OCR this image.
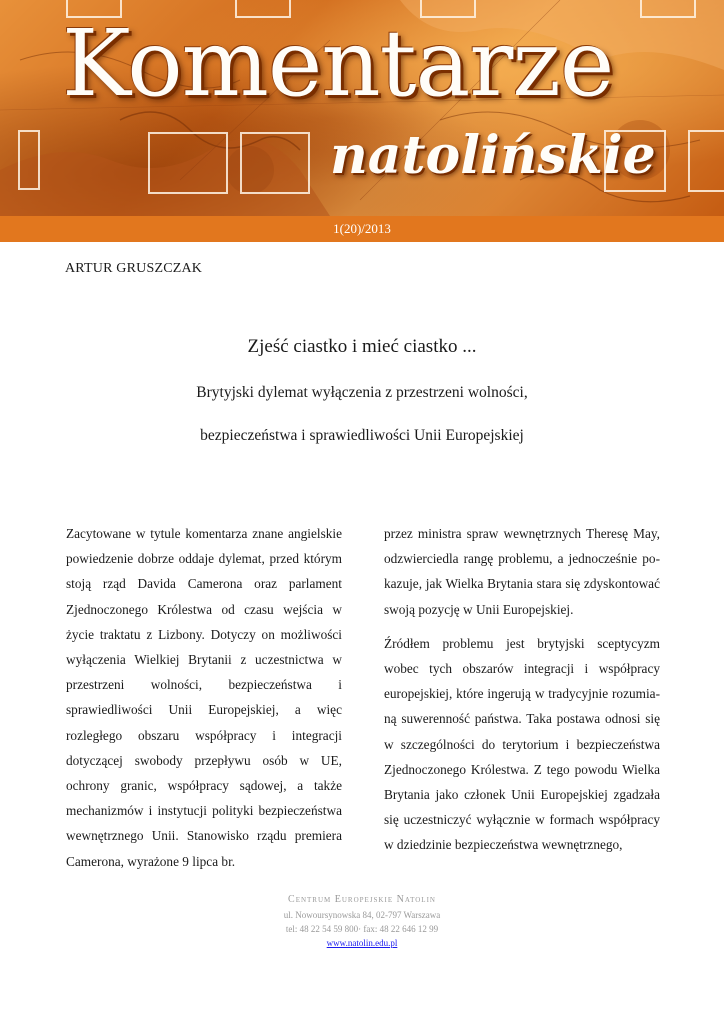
Komentarze
natolińskie
1(20)/2013
ARTUR GRUSZCZAK
Zjeść ciastko i mieć ciastko ...
Brytyjski dylemat wyłączenia z przestrzeni wolności,
bezpieczeństwa i sprawiedliwości Unii Europejskiej

Zacytowane w tytule komentarza znane angielskie powiedzenie dobrze oddaje dylemat, przed którym stoją rząd Davida Camerona oraz parlament Zjednoczonego Królestwa od czasu wejścia w życie traktatu z Lizbony. Dotyczy on możliwości wyłączenia Wielkiej Brytanii z uczestnictwa w przestrzeni wolności, bezpieczeństwa i sprawiedliwości Unii Europejskiej, a więc rozległego obszaru współpracy i integracji dotyczącej swobody przepływu osób w UE, ochrony granic, współpracy sądowej, a także mechanizmów i instytucji polityki bezpieczeństwa wewnętrznego Unii. Stanowisko rządu premiera Camerona, wyrażone 9 lipca br.

przez ministra spraw wewnętrznych Theresę May, odzwierciedla rangę problemu, a jednocześnie pokazuje, jak Wielka Brytania stara się zdyskontować swoją pozycję w Unii Europejskiej.

Źródłem problemu jest brytyjski sceptycyzm wobec tych obszarów integracji i współpracy europejskiej, które ingerują w tradycyjnie rozumianą suwerenność państwa. Taka postawa odnosi się w szczególności do terytorium i bezpieczeństwa Zjednoczonego Królestwa. Z tego powodu Wielka Brytania jako członek Unii Europejskiej zgadzała się uczestniczyć wyłącznie w formach współpracy w dziedzinie bezpieczeństwa wewnętrznego,

Centrum Europejskie Natolin
ul. Nowoursynowska 84, 02-797 Warszawa
tel: 48 22 54 59 800· fax: 48 22 646 12 99
www.natolin.edu.pl
